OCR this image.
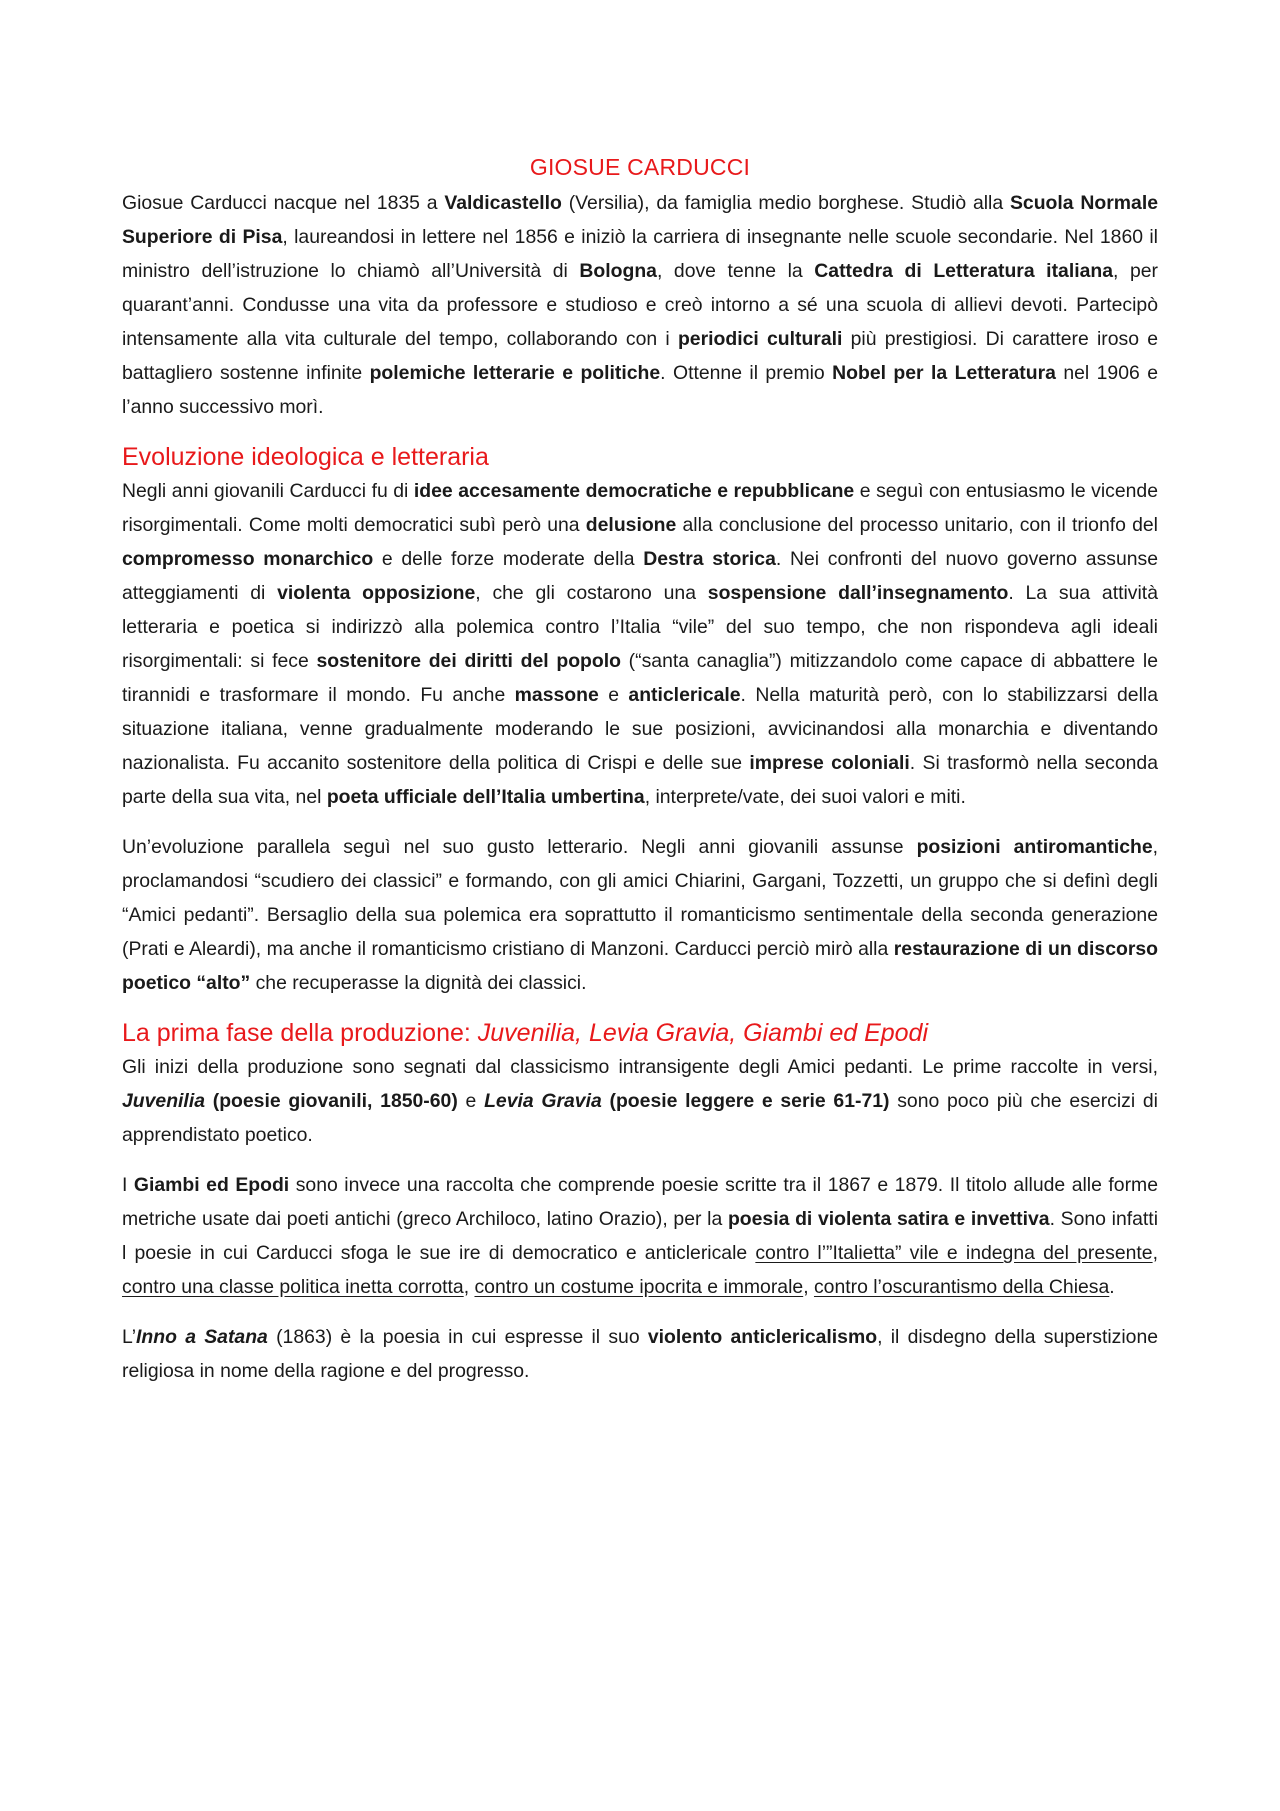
GIOSUE CARDUCCI

Giosue Carducci nacque nel 1835 a Valdicastello (Versilia), da famiglia medio borghese. Studiò alla Scuola Normale Superiore di Pisa, laureandosi in lettere nel 1856 e iniziò la carriera di insegnante nelle scuole secondarie. Nel 1860 il ministro dell’istruzione lo chiamò all’Università di Bologna, dove tenne la Cattedra di Letteratura italiana, per quarant’anni. Condusse una vita da professore e studioso e creò intorno a sé una scuola di allievi devoti. Partecipò intensamente alla vita culturale del tempo, collaborando con i periodici culturali più prestigiosi. Di carattere iroso e battagliero sostenne infinite polemiche letterarie e politiche. Ottenne il premio Nobel per la Letteratura nel 1906 e l’anno successivo morì.

Evoluzione ideologica e letteraria

Negli anni giovanili Carducci fu di idee accesamente democratiche e repubblicane e seguì con entusiasmo le vicende risorgimentali. Come molti democratici subì però una delusione alla conclusione del processo unitario, con il trionfo del compromesso monarchico e delle forze moderate della Destra storica. Nei confronti del nuovo governo assunse atteggiamenti di violenta opposizione, che gli costarono una sospensione dall’insegnamento. La sua attività letteraria e poetica si indirizzò alla polemica contro l’Italia “vile” del suo tempo, che non rispondeva agli ideali risorgimentali: si fece sostenitore dei diritti del popolo (“santa canaglia”) mitizzandolo come capace di abbattere le tirannidi e trasformare il mondo. Fu anche massone e anticlericale. Nella maturità però, con lo stabilizzarsi della situazione italiana, venne gradualmente moderando le sue posizioni, avvicinandosi alla monarchia e diventando nazionalista. Fu accanito sostenitore della politica di Crispi e delle sue imprese coloniali. Si trasformò nella seconda parte della sua vita, nel poeta ufficiale dell’Italia umbertina, interprete/vate, dei suoi valori e miti.

Un’evoluzione parallela seguì nel suo gusto letterario. Negli anni giovanili assunse posizioni antiromantiche, proclamandosi “scudiero dei classici” e formando, con gli amici Chiarini, Gargani, Tozzetti, un gruppo che si definì degli “Amici pedanti”. Bersaglio della sua polemica era soprattutto il romanticismo sentimentale della seconda generazione (Prati e Aleardi), ma anche il romanticismo cristiano di Manzoni. Carducci perciò mirò alla restaurazione di un discorso poetico “alto” che recuperasse la dignità dei classici.

La prima fase della produzione: Juvenilia, Levia Gravia, Giambi ed Epodi

Gli inizi della produzione sono segnati dal classicismo intransigente degli Amici pedanti. Le prime raccolte in versi, Juvenilia (poesie giovanili, 1850-60) e Levia Gravia (poesie leggere e serie 61-71) sono poco più che esercizi di apprendistato poetico.

I Giambi ed Epodi sono invece una raccolta che comprende poesie scritte tra il 1867 e 1879. Il titolo allude alle forme metriche usate dai poeti antichi (greco Archiloco, latino Orazio), per la poesia di violenta satira e invettiva. Sono infatti l poesie in cui Carducci sfoga le sue ire di democratico e anticlericale contro l’”Italietta” vile e indegna del presente, contro una classe politica inetta corrotta, contro un costume ipocrita e immorale, contro l’oscurantismo della Chiesa.

L’Inno a Satana (1863) è la poesia in cui espresse il suo violento anticlericalismo, il disdegno della superstizione religiosa in nome della ragione e del progresso.
